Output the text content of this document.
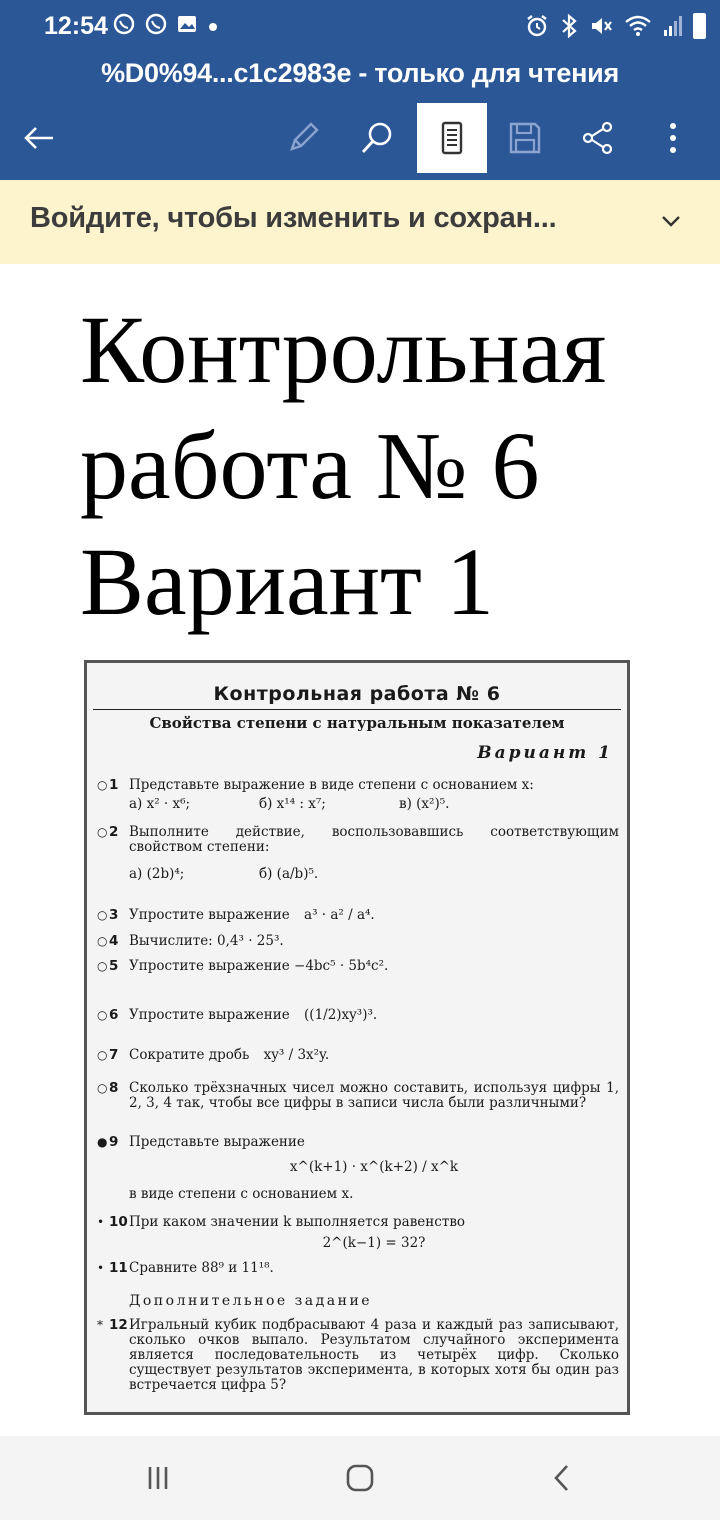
12:54
%D0%94...c1c2983e - только для чтения
Войдите, чтобы изменить и сохран...
Контрольная
работа № 6
Вариант 1
Контрольная работа № 6
Свойства степени с натуральным показателем
Вариант 1
○ 1 Представьте выражение в виде степени с основанием x:
а) x² · x⁶;	б) x¹⁴ : x⁷;	в) (x²)⁵.
○ 2 Выполните действие, воспользовавшись соответствующим свойством степени:
а) (2b)⁴;	б) (a/b)⁵.
○ 3 Упростите выражение a³ · a² / a⁴.
○ 4 Вычислите: 0,4³ · 25³.
○ 5 Упростите выражение −4bc⁵ · 5b⁴c².
○ 6 Упростите выражение ((1/2)xy³)³.
○ 7 Сократите дробь xy³ / 3x²y.
○ 8 Сколько трёхзначных чисел можно составить, используя цифры 1, 2, 3, 4 так, чтобы все цифры в записи числа были различными?
● 9 Представьте выражение
x^(k+1) · x^(k+2) / x^k
в виде степени с основанием x.
• 10 При каком значении k выполняется равенство
2^(k−1) = 32?
• 11 Сравните 88⁹ и 11¹⁸.
Дополнительное задание
* 12 Игральный кубик подбрасывают 4 раза и каждый раз записывают, сколько очков выпало. Результатом случайного эксперимента является последовательность из четырёх цифр. Сколько существует результатов эксперимента, в которых хотя бы один раз встречается цифра 5?
